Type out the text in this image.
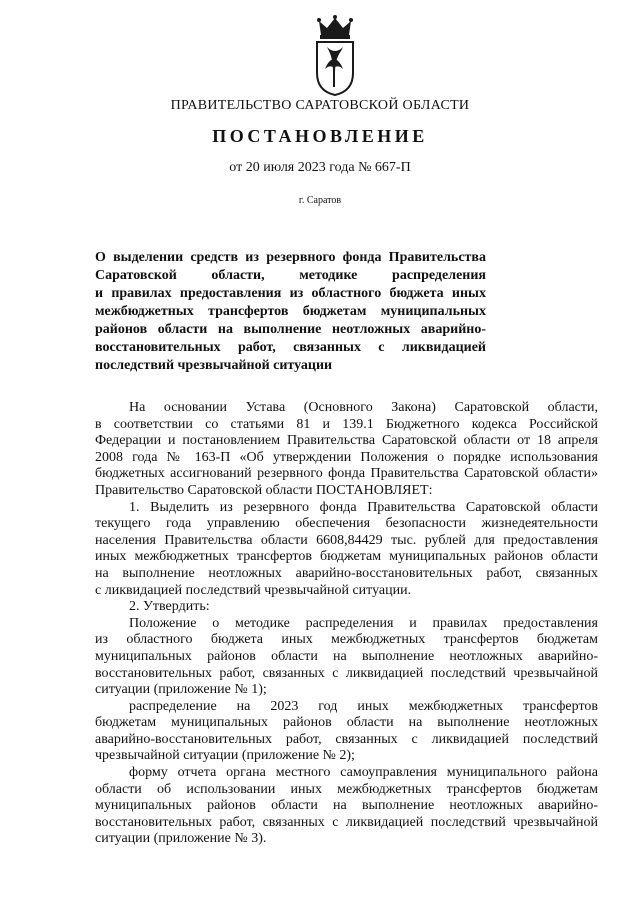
ПРАВИТЕЛЬСТВО САРАТОВСКОЙ ОБЛАСТИ
ПОСТАНОВЛЕНИЕ
от 20 июля 2023 года № 667-П
г. Саратов
О выделении средств из резервного фонда Правительства
Саратовской области, методике распределения
и правилах предоставления из областного бюджета иных
межбюджетных трансфертов бюджетам муниципальных
районов области на выполнение неотложных аварийно-
восстановительных работ, связанных с ликвидацией
последствий чрезвычайной ситуации
На основании Устава (Основного Закона) Саратовской области,
в соответствии со статьями 81 и 139.1 Бюджетного кодекса Российской
Федерации и постановлением Правительства Саратовской области от 18 апреля
2008 года № 163-П «Об утверждении Положения о порядке использования
бюджетных ассигнований резервного фонда Правительства Саратовской области»
Правительство Саратовской области ПОСТАНОВЛЯЕТ:
1. Выделить из резервного фонда Правительства Саратовской области
текущего года управлению обеспечения безопасности жизнедеятельности
населения Правительства области 6608,84429 тыс. рублей для предоставления
иных межбюджетных трансфертов бюджетам муниципальных районов области
на выполнение неотложных аварийно-восстановительных работ, связанных
с ликвидацией последствий чрезвычайной ситуации.
2. Утвердить:
Положение о методике распределения и правилах предоставления
из областного бюджета иных межбюджетных трансфертов бюджетам
муниципальных районов области на выполнение неотложных аварийно-
восстановительных работ, связанных с ликвидацией последствий чрезвычайной
ситуации (приложение № 1);
распределение на 2023 год иных межбюджетных трансфертов
бюджетам муниципальных районов области на выполнение неотложных
аварийно-восстановительных работ, связанных с ликвидацией последствий
чрезвычайной ситуации (приложение № 2);
форму отчета органа местного самоуправления муниципального района
области об использовании иных межбюджетных трансфертов бюджетам
муниципальных районов области на выполнение неотложных аварийно-
восстановительных работ, связанных с ликвидацией последствий чрезвычайной
ситуации (приложение № 3).
